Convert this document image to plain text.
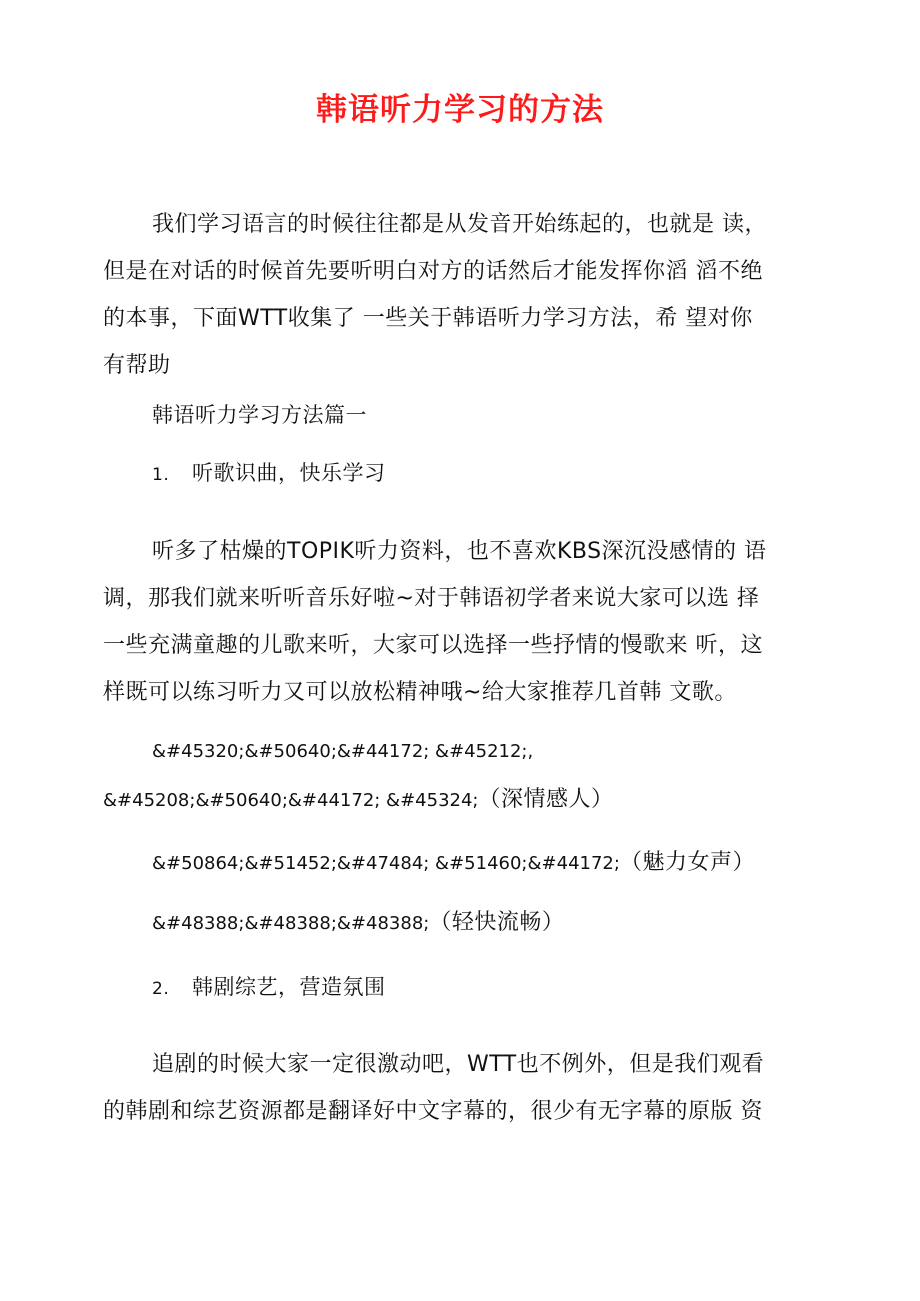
韩语听力学习的方法
我们学习语言的时候往往都是从发音开始练起的，也就是 读，
但是在对话的时候首先要听明白对方的话然后才能发挥你滔 滔不绝
的本事，下面WTT收集了 一些关于韩语听力学习方法，希 望对你
有帮助
韩语听力学习方法篇一
1. 听歌识曲，快乐学习
听多了枯燥的TOPIK听力资料，也不喜欢KBS深沉没感情的 语
调，那我们就来听听音乐好啦~对于韩语初学者来说大家可以选 择
一些充满童趣的儿歌来听，大家可以选择一些抒情的慢歌来 听，这
样既可以练习听力又可以放松精神哦~给大家推荐几首韩 文歌。
&#45320;&#50640;&#44172; &#45212;,
&#45208;&#50640;&#44172; &#45324;（深情感人）
&#50864;&#51452;&#47484; &#51460;&#44172;（魅力女声）
&#48388;&#48388;&#48388;（轻快流畅）
2. 韩剧综艺，营造氛围
追剧的时候大家一定很激动吧，WTT也不例外，但是我们观看
的韩剧和综艺资源都是翻译好中文字幕的，很少有无字幕的原版 资
